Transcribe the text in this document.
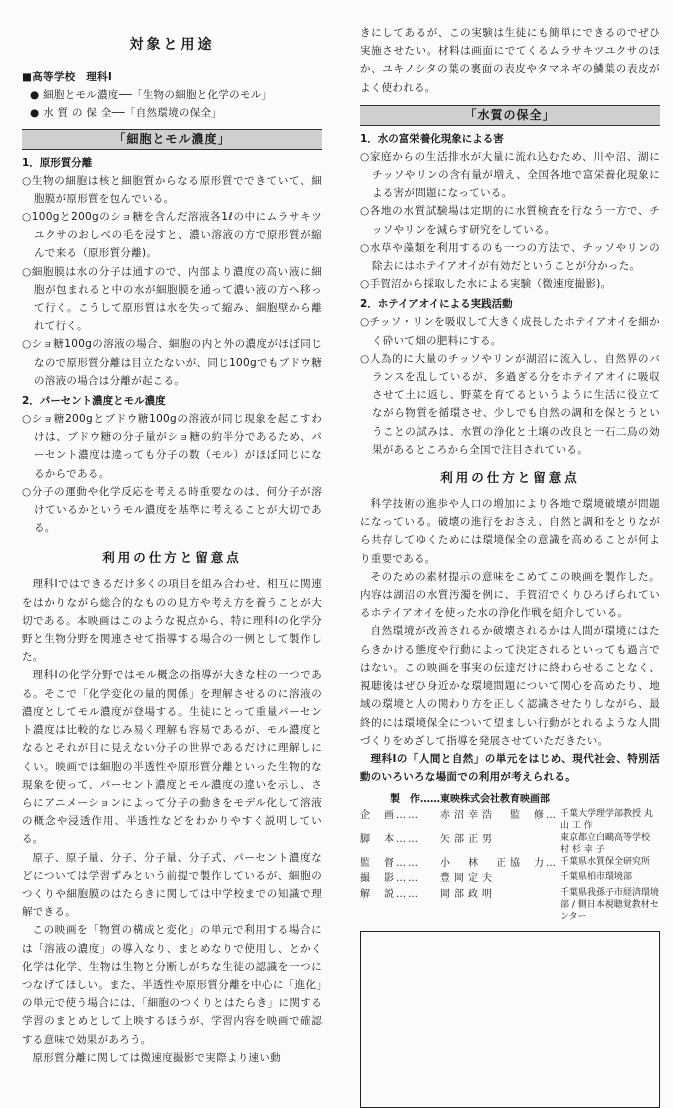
対象と用途

■高等学校　理科Ⅰ

● 細胞とモル濃度──「生物の細胞と化学のモル」

● 水 質 の 保 全──「自然環境の保全」

「細胞とモル濃度」

1．原形質分離

○生物の細胞は核と細胞質からなる原形質でできていて、細胞膜が原形質を包んでいる。

○100gと200gのショ糖を含んだ溶液各1ℓの中にムラサキツユクサのおしべの毛を浸すと、濃い溶液の方で原形質が縮んで来る（原形質分離)。

○細胞膜は水の分子は通すので、内部より濃度の高い液に細胞が包まれると中の水が細胞膜を通って濃い液の方へ移って行く。こうして原形質は水を失って縮み、細胞壁から離れて行く。

○ショ糖100gの溶液の場合、細胞の内と外の濃度がほぼ同じなので原形質分離は目立たないが、同じ100gでもブドウ糖の溶液の場合は分離が起こる。

2．パーセント濃度とモル濃度

○ショ糖200gとブドウ糖100gの溶液が同じ現象を起こすわけは、ブドウ糖の分子量がショ糖の約半分であるため、パーセント濃度は違っても分子の数（モル）がほぼ同じになるからである。

○分子の運動や化学反応を考える時重要なのは、何分子が溶けているかというモル濃度を基準に考えることが大切である。

利用の仕方と留意点

理科Ⅰではできるだけ多くの項目を組み合わせ、相互に関連をはかりながら総合的なものの見方や考え方を養うことが大切である。本映画はこのような視点から、特に理科Ⅰの化学分野と生物分野を関連させて指導する場合の一例として製作した。

理科Ⅰの化学分野ではモル概念の指導が大きな柱の一つである。そこで「化学変化の量的関係」を理解させるのに溶液の濃度としてモル濃度が登場する。生徒にとって重量パーセント濃度は比較的なじみ易く理解も容易であるが、モル濃度となるとそれが目に見えない分子の世界であるだけに理解しにくい。映画では細胞の半透性や原形質分離といった生物的な現象を使って、パーセント濃度とモル濃度の違いを示し、さらにアニメーションによって分子の動きをモデル化して溶液の概念や浸透作用、半透性などをわかりやすく説明している。

原子、原子量、分子、分子量、分子式、パーセント濃度などについては学習ずみという前提で製作しているが、細胞のつくりや細胞膜のはたらきに関しては中学校までの知識で理解できる。

この映画を「物質の構成と変化」の単元で利用する場合には「溶液の濃度」の導入なり、まとめなりで使用し、とかく化学は化学、生物は生物と分断しがちな生徒の認識を一つにつなげてほしい。また、半透性や原形質分離を中心に「進化」の単元で使う場合には、「細胞のつくりとはたらき」に関する学習のまとめとして上映するほうが、学習内容を映画で確認する意味で効果があろう。

原形質分離に関しては微速度撮影で実際より速い動

きにしてあるが、この実験は生徒にも簡単にできるのでぜひ実施させたい。材料は画面にでてくるムラサキツユクサのほか、ユキノシタの葉の裏面の表皮やタマネギの鱗葉の表皮がよく使われる。

「水質の保全」

1．水の富栄養化現象による害

○家庭からの生活排水が大量に流れ込むため、川や沼、湖にチッソやリンの含有量が増え、全国各地で富栄養化現象による害が問題になっている。

○各地の水質試験場は定期的に水質検査を行なう一方で、チッソやリンを減らす研究をしている。

○水草や藻類を利用するのも一つの方法で、チッソやリンの除去にはホテイアオイが有効だということが分かった。

○手賀沼から採取した水による実験（微速度撮影)。

2．ホテイアオイによる実践活動

○チッソ・リンを吸収して大きく成長したホテイアオイを細かく砕いて畑の肥料にする。

○人為的に大量のチッソやリンが湖沼に流入し、自然界のバランスを乱しているが、多過ぎる分をホテイアオイに吸収させて土に返し、野菜を育てるというように生活に役立てながら物質を循環させ、少しでも自然の調和を保とうということの試みは、水質の浄化と土壌の改良と一石二鳥の効果があるところから全国で注目されている。

利用の仕方と留意点

科学技術の進歩や人口の増加により各地で環境破壊が問題になっている。破壊の進行をおさえ、自然と調和をとりながら共存してゆくためには環境保全の意識を高めることが何より重要である。

そのための素材提示の意味をこめてこの映画を製作した。内容は湖沼の水質汚濁を例に、手賀沼でくりひろげられているホテイアオイを使った水の浄化作戦を紹介している。

自然環境が改善されるか破壊されるかは人間が環境にはたらきかける態度や行動によって決定されるといっても過言ではない。この映画を事実の伝達だけに終わらせることなく、視聴後はぜひ身近かな環境問題について関心を高めたり、地域の環境と人の関わり方を正しく認識させたりしながら、最終的には環境保全について望ましい行動がとれるような人間づくりをめざして指導を発展させていただきたい。

理科Ⅰの「人間と自然」の単元をはじめ、現代社会、特別活動のいろいろな場面での利用が考えられる。

製　作……東映株式会社教育映画部
企　画……	赤沼幸浩	監　修… 千葉大学理学部教授 丸 山 工 作
脚　本……	矢部正男	東京都立白鷗高等学校 村 杉 幸 子
監　督……	小　林　正 協　力… 千葉県水質保全研究所
撮　影……	豊岡定夫	千葉県柏市環境部
解　説……	岡部政明	千葉県我孫子市経済環境部 / 側日本視聴覚教材センター
